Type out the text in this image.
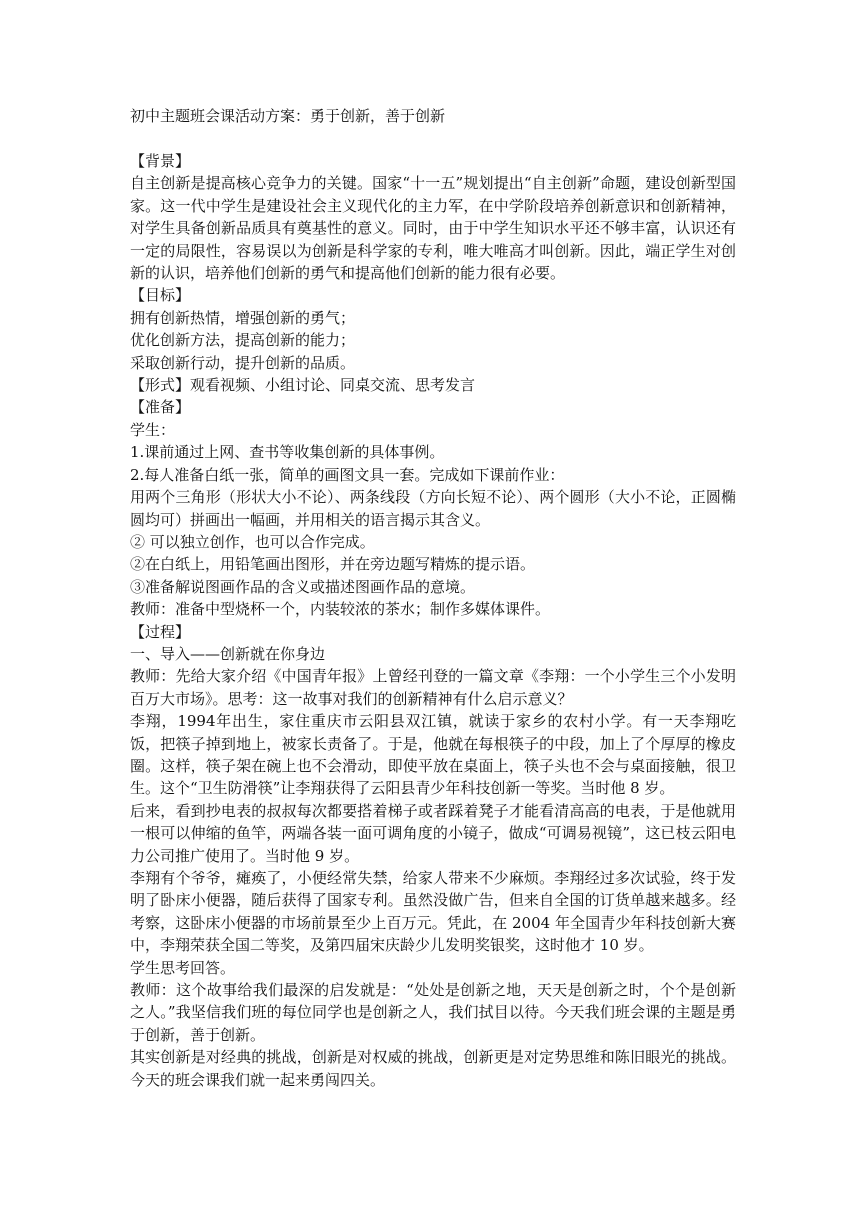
初中主题班会课活动方案：勇于创新，善于创新

【背景】

自主创新是提高核心竞争力的关键。国家“十一五”规划提出“自主创新”命题，建设创新型国家。这一代中学生是建设社会主义现代化的主力军，在中学阶段培养创新意识和创新精神，对学生具备创新品质具有奠基性的意义。同时，由于中学生知识水平还不够丰富，认识还有一定的局限性，容易误以为创新是科学家的专利，唯大唯高才叫创新。因此，端正学生对创新的认识，培养他们创新的勇气和提高他们创新的能力很有必要。

【目标】

拥有创新热情，增强创新的勇气；

优化创新方法，提高创新的能力；

采取创新行动，提升创新的品质。

【形式】观看视频、小组讨论、同桌交流、思考发言

【准备】

学生：

1.课前通过上网、查书等收集创新的具体事例。

2.每人准备白纸一张，简单的画图文具一套。完成如下课前作业：

用两个三角形（形状大小不论）、两条线段（方向长短不论）、两个圆形（大小不论，正圆椭圆均可）拼画出一幅画，并用相关的语言揭示其含义。

② 可以独立创作，也可以合作完成。

②在白纸上，用铅笔画出图形，并在旁边题写精炼的提示语。

③准备解说图画作品的含义或描述图画作品的意境。

教师：准备中型烧杯一个，内装较浓的茶水；制作多媒体课件。

【过程】

一、导入——创新就在你身边

教师：先给大家介绍《中国青年报》上曾经刊登的一篇文章《李翔：一个小学生三个小发明百万大市场》。思考：这一故事对我们的创新精神有什么启示意义？

李翔，1994年出生，家住重庆市云阳县双江镇，就读于家乡的农村小学。有一天李翔吃饭，把筷子掉到地上，被家长责备了。于是，他就在每根筷子的中段，加上了个厚厚的橡皮圈。这样，筷子架在碗上也不会滑动，即使平放在桌面上，筷子头也不会与桌面接触，很卫生。这个“卫生防滑筷”让李翔获得了云阳县青少年科技创新一等奖。当时他 8 岁。

后来，看到抄电表的叔叔每次都要搭着梯子或者踩着凳子才能看清高高的电表，于是他就用一根可以伸缩的鱼竿，两端各装一面可调角度的小镜子，做成“可调易视镜”，这已枝云阳电力公司推广使用了。当时他 9 岁。

李翔有个爷爷，瘫痪了，小便经常失禁，给家人带来不少麻烦。李翔经过多次试验，终于发明了卧床小便器，随后获得了国家专利。虽然没做广告，但来自全国的订货单越来越多。经考察，这卧床小便器的市场前景至少上百万元。凭此，在 2004 年全国青少年科技创新大赛中，李翔荣获全国二等奖，及第四届宋庆龄少儿发明奖银奖，这时他才 10 岁。

学生思考回答。

教师：这个故事给我们最深的启发就是：“处处是创新之地，天天是创新之时，个个是创新之人。”我坚信我们班的每位同学也是创新之人，我们拭目以待。今天我们班会课的主题是勇于创新，善于创新。

其实创新是对经典的挑战，创新是对权威的挑战，创新更是对定势思维和陈旧眼光的挑战。今天的班会课我们就一起来勇闯四关。
